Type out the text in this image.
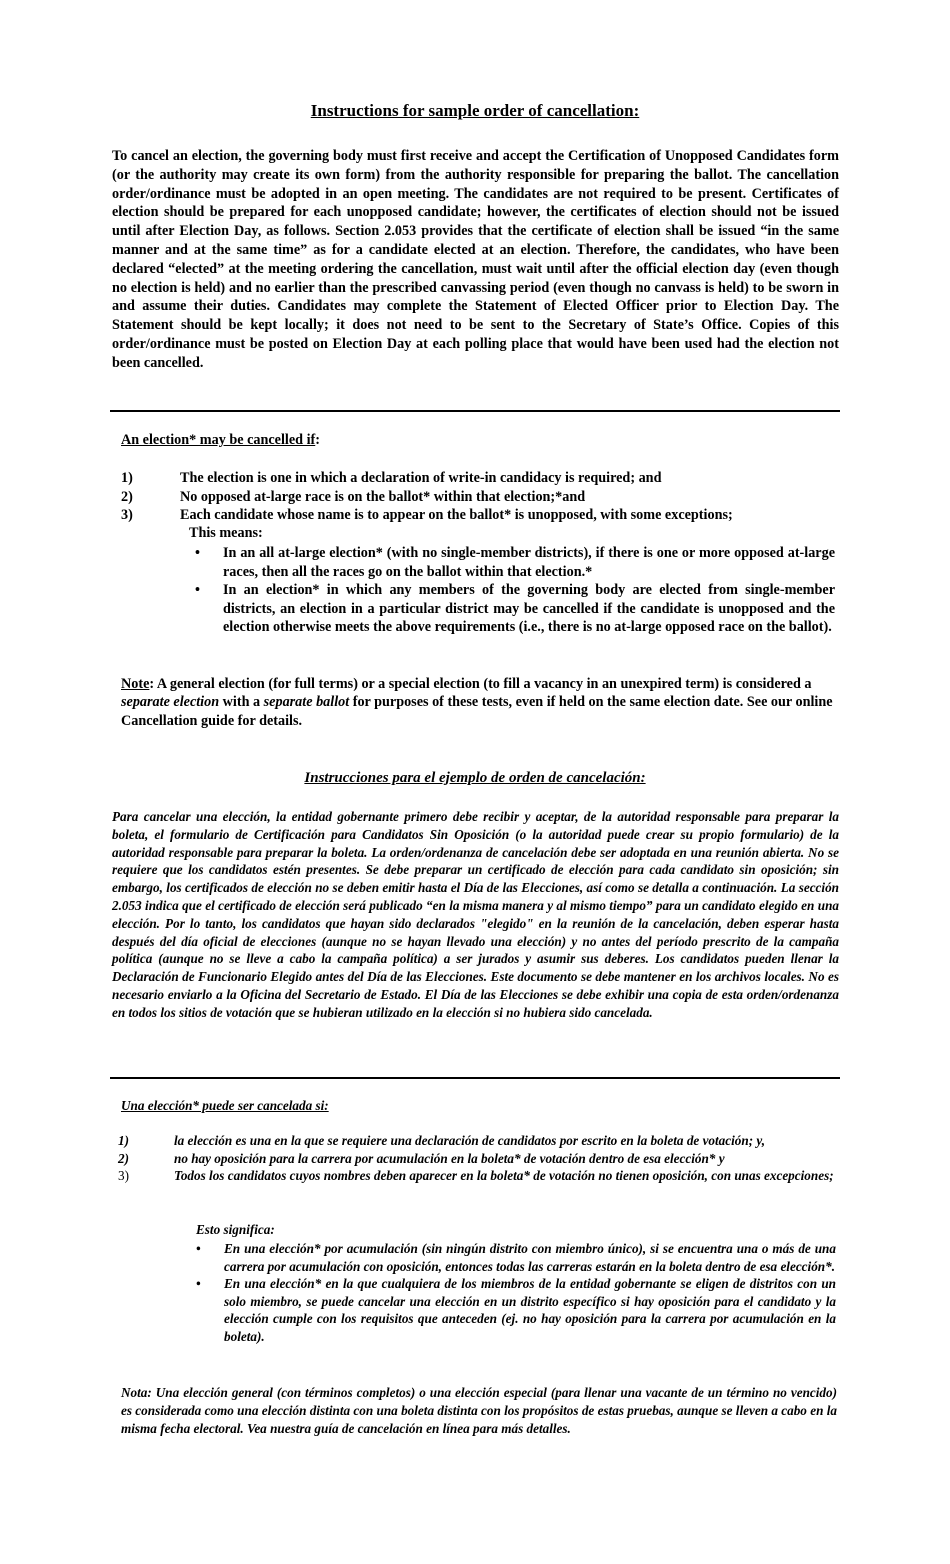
Instructions for sample order of cancellation:

To cancel an election, the governing body must first receive and accept the Certification of Unopposed Candidates form (or the authority may create its own form) from the authority responsible for preparing the ballot. The cancellation order/ordinance must be adopted in an open meeting. The candidates are not required to be present. Certificates of election should be prepared for each unopposed candidate; however, the certificates of election should not be issued until after Election Day, as follows. Section 2.053 provides that the certificate of election shall be issued “in the same manner and at the same time” as for a candidate elected at an election. Therefore, the candidates, who have been declared “elected” at the meeting ordering the cancellation, must wait until after the official election day (even though no election is held) and no earlier than the prescribed canvassing period (even though no canvass is held) to be sworn in and assume their duties. Candidates may complete the Statement of Elected Officer prior to Election Day. The Statement should be kept locally; it does not need to be sent to the Secretary of State’s Office. Copies of this order/ordinance must be posted on Election Day at each polling place that would have been used had the election not been cancelled.

An election* may be cancelled if:
1)	The election is one in which a declaration of write-in candidacy is required; and
2)	No opposed at-large race is on the ballot* within that election;*and
3)	Each candidate whose name is to appear on the ballot* is unopposed, with some exceptions;
This means:
• In an all at-large election* (with no single-member districts), if there is one or more opposed at-large races, then all the races go on the ballot within that election.*
• In an election* in which any members of the governing body are elected from single-member districts, an election in a particular district may be cancelled if the candidate is unopposed and the election otherwise meets the above requirements (i.e., there is no at-large opposed race on the ballot).

Note: A general election (for full terms) or a special election (to fill a vacancy in an unexpired term) is considered a separate election with a separate ballot for purposes of these tests, even if held on the same election date. See our online Cancellation guide for details.

Instrucciones para el ejemplo de orden de cancelación:

Para cancelar una elección, la entidad gobernante primero debe recibir y aceptar, de la autoridad responsable para preparar la boleta, el formulario de Certificación para Candidatos Sin Oposición (o la autoridad puede crear su propio formulario) de la autoridad responsable para preparar la boleta. La orden/ordenanza de cancelación debe ser adoptada en una reunión abierta. No se requiere que los candidatos estén presentes. Se debe preparar un certificado de elección para cada candidato sin oposición; sin embargo, los certificados de elección no se deben emitir hasta el Día de las Elecciones, así como se detalla a continuación. La sección 2.053 indica que el certificado de elección será publicado “en la misma manera y al mismo tiempo” para un candidato elegido en una elección. Por lo tanto, los candidatos que hayan sido declarados "elegido" en la reunión de la cancelación, deben esperar hasta después del día oficial de elecciones (aunque no se hayan llevado una elección) y no antes del período prescrito de la campaña política (aunque no se lleve a cabo la campaña política) a ser jurados y asumir sus deberes. Los candidatos pueden llenar la Declaración de Funcionario Elegido antes del Día de las Elecciones. Este documento se debe mantener en los archivos locales. No es necesario enviarlo a la Oficina del Secretario de Estado. El Día de las Elecciones se debe exhibir una copia de esta orden/ordenanza en todos los sitios de votación que se hubieran utilizado en la elección si no hubiera sido cancelada.

Una elección* puede ser cancelada si:
1)	la elección es una en la que se requiere una declaración de candidatos por escrito en la boleta de votación; y,
2)	no hay oposición para la carrera por acumulación en la boleta* de votación dentro de esa elección* y
3)	Todos los candidatos cuyos nombres deben aparecer en la boleta* de votación no tienen oposición, con unas excepciones;
Esto significa:
• En una elección* por acumulación (sin ningún distrito con miembro único), si se encuentra una o más de una carrera por acumulación con oposición, entonces todas las carreras estarán en la boleta dentro de esa elección*.
• En una elección* en la que cualquiera de los miembros de la entidad gobernante se eligen de distritos con un solo miembro, se puede cancelar una elección en un distrito específico si hay oposición para el candidato y la elección cumple con los requisitos que anteceden (ej. no hay oposición para la carrera por acumulación en la boleta).

Nota: Una elección general (con términos completos) o una elección especial (para llenar una vacante de un término no vencido) es considerada como una elección distinta con una boleta distinta con los propósitos de estas pruebas, aunque se lleven a cabo en la misma fecha electoral. Vea nuestra guía de cancelación en línea para más detalles.
